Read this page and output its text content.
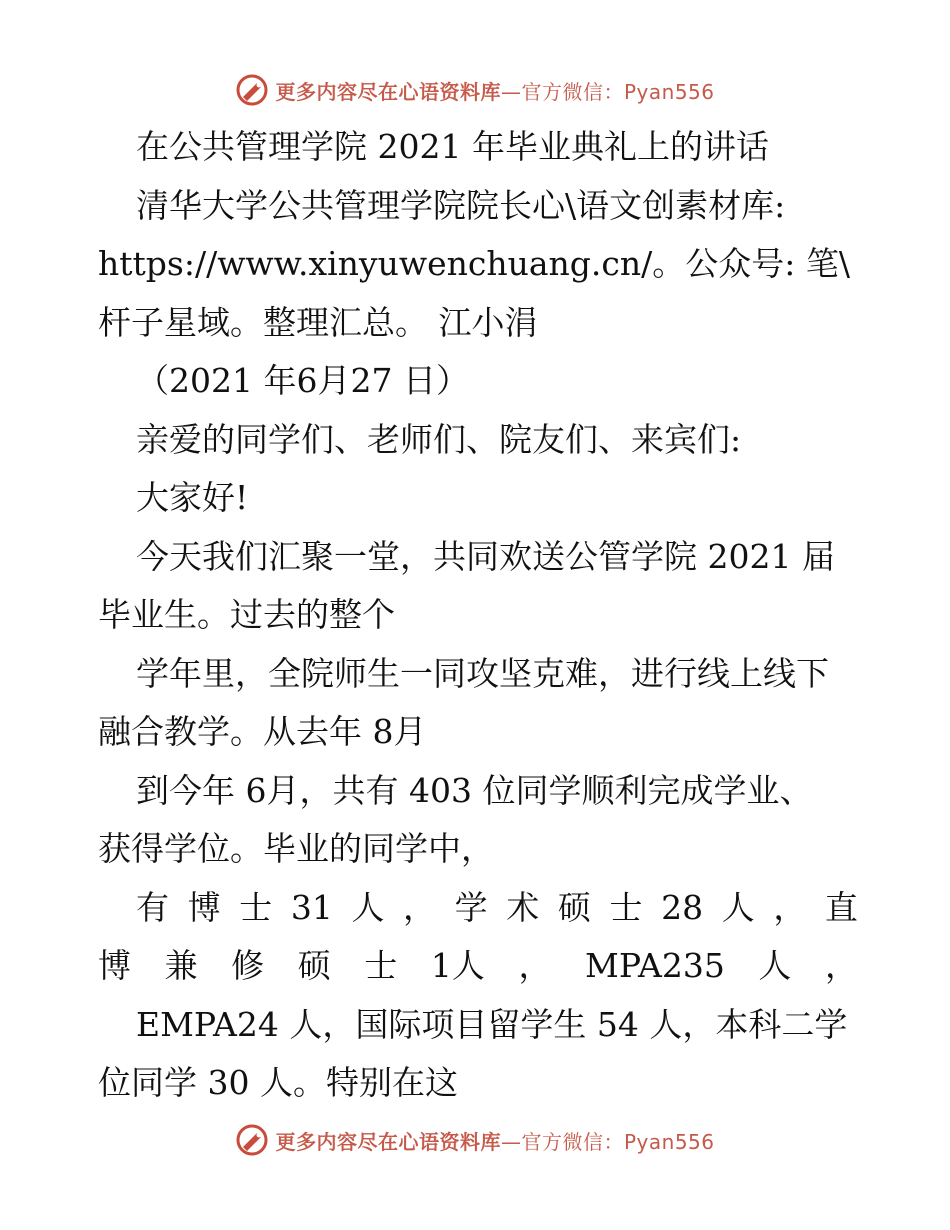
更多内容尽在心语资料库—官方微信：Pyan556
在公共管理学院 2021 年毕业典礼上的讲话
清华大学公共管理学院院长心\语文创素材库:
https://www.xinyuwenchuang.cn/。公众号: 笔\
杆子星域。整理汇总。 江小涓
（2021 年6月27 日）
亲爱的同学们、老师们、院友们、来宾们:
大家好!
今天我们汇聚一堂，共同欢送公管学院 2021 届
毕业生。过去的整个
学年里，全院师生一同攻坚克难，进行线上线下
融合教学。从去年 8月
到今年 6月，共有 403 位同学顺利完成学业、
获得学位。毕业的同学中，
有 博 士 31 人 ， 学 术 硕 士 28 人 ， 直
博 兼 修 硕 士 1人 ， MPA235 人 ，
EMPA24 人，国际项目留学生 54 人，本科二学
位同学 30 人。特别在这
更多内容尽在心语资料库—官方微信：Pyan556
